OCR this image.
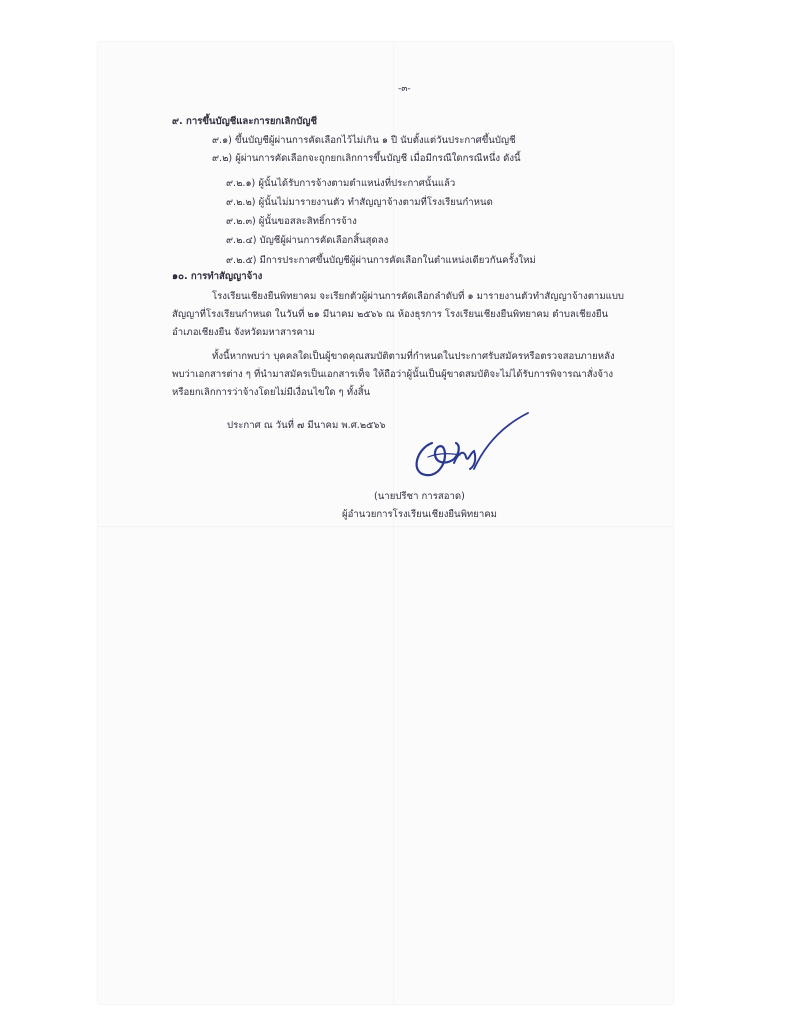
-๓-
๙. การขึ้นบัญชีและการยกเลิกบัญชี
๙.๑) ขึ้นบัญชีผู้ผ่านการคัดเลือกไว้ไม่เกิน ๑ ปี นับตั้งแต่วันประกาศขึ้นบัญชี
๙.๒) ผู้ผ่านการคัดเลือกจะถูกยกเลิกการขึ้นบัญชี เมื่อมีกรณีใดกรณีหนึ่ง ดังนี้
๙.๒.๑) ผู้นั้นได้รับการจ้างตามตำแหน่งที่ประกาศนั้นแล้ว
๙.๒.๒) ผู้นั้นไม่มารายงานตัว ทำสัญญาจ้างตามที่โรงเรียนกำหนด
๙.๒.๓) ผู้นั้นขอสละสิทธิ์การจ้าง
๙.๒.๔) บัญชีผู้ผ่านการคัดเลือกสิ้นสุดลง
๙.๒.๕) มีการประกาศขึ้นบัญชีผู้ผ่านการคัดเลือกในตำแหน่งเดียวกันครั้งใหม่
๑๐. การทำสัญญาจ้าง
โรงเรียนเชียงยืนพิทยาคม จะเรียกตัวผู้ผ่านการคัดเลือกลำดับที่ ๑ มารายงานตัวทำสัญญาจ้างตามแบบ
สัญญาที่โรงเรียนกำหนด ในวันที่ ๒๑ มีนาคม ๒๕๖๖ ณ ห้องธุรการ โรงเรียนเชียงยืนพิทยาคม ตำบลเชียงยืน
อำเภอเชียงยืน จังหวัดมหาสารคาม
ทั้งนี้หากพบว่า บุคคลใดเป็นผู้ขาดคุณสมบัติตามที่กำหนดในประกาศรับสมัครหรือตรวจสอบภายหลัง
พบว่าเอกสารต่าง ๆ ที่นำมาสมัครเป็นเอกสารเท็จ ให้ถือว่าผู้นั้นเป็นผู้ขาดสมบัติจะไม่ได้รับการพิจารณาสั่งจ้าง
หรือยกเลิกการว่าจ้างโดยไม่มีเงื่อนไขใด ๆ ทั้งสิ้น
ประกาศ ณ วันที่ ๗ มีนาคม พ.ศ.๒๕๖๖
(นายปรีชา การสอาด)
ผู้อำนวยการโรงเรียนเชียงยืนพิทยาคม
